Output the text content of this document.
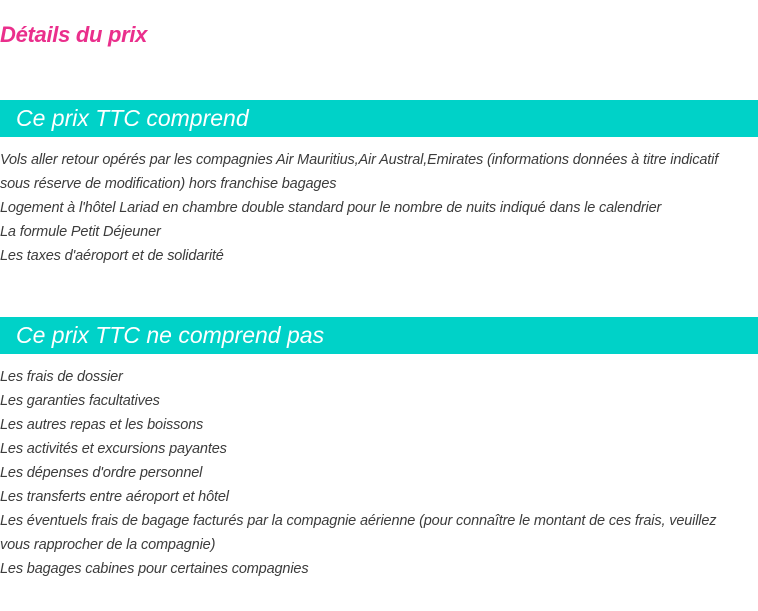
Détails du prix
Ce prix TTC comprend
Vols aller retour opérés par les compagnies Air Mauritius,Air Austral,Emirates (informations données à titre indicatif sous réserve de modification) hors franchise bagages
Logement à l'hôtel Lariad en chambre double standard pour le nombre de nuits indiqué dans le calendrier
La formule Petit Déjeuner
Les taxes d'aéroport et de solidarité
Ce prix TTC ne comprend pas
Les frais de dossier
Les garanties facultatives
Les autres repas et les boissons
Les activités et excursions payantes
Les dépenses d'ordre personnel
Les transferts entre aéroport et hôtel
Les éventuels frais de bagage facturés par la compagnie aérienne (pour connaître le montant de ces frais, veuillez vous rapprocher de la compagnie)
Les bagages cabines pour certaines compagnies
